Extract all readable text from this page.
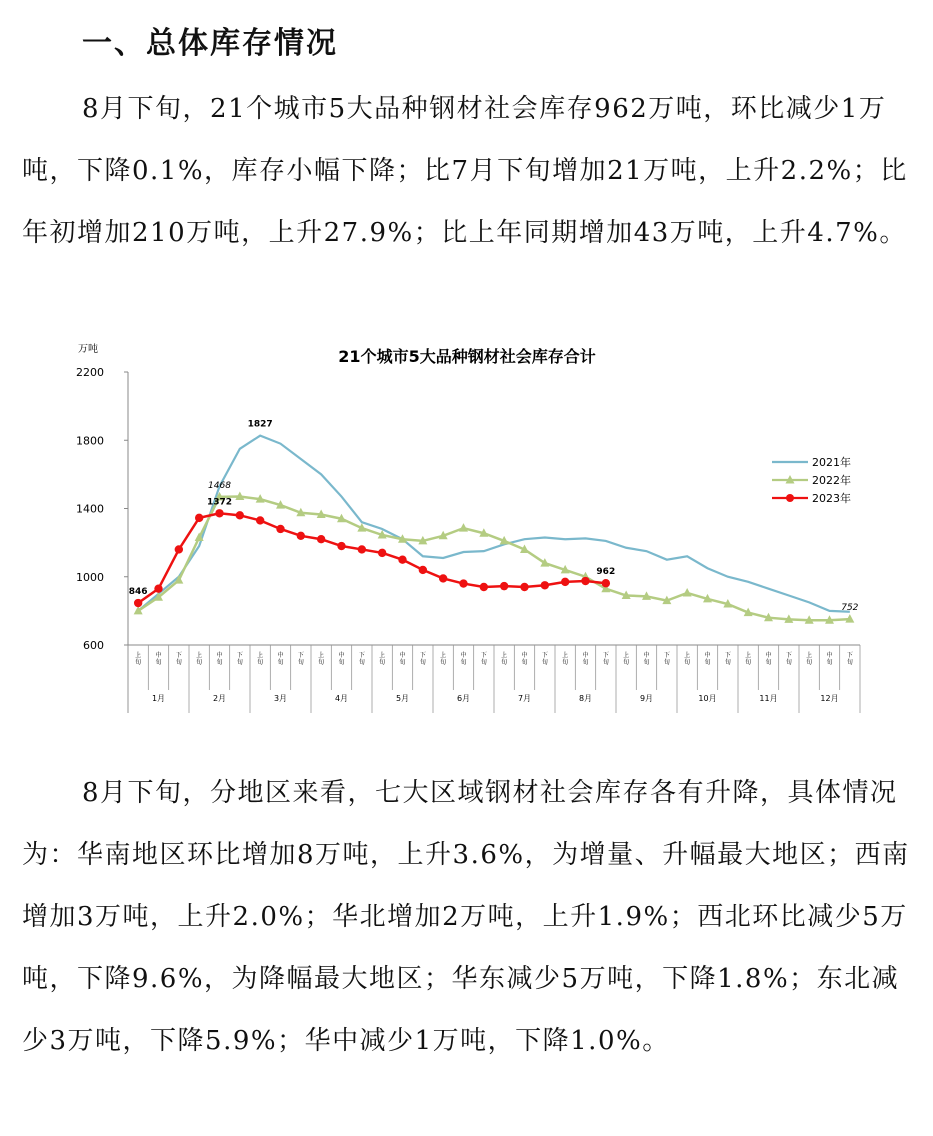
一、总体库存情况

8月下旬，21个城市5大品种钢材社会库存962万吨，环比减少1万吨，下降0.1%，库存小幅下降；比7月下旬增加21万吨，上升2.2%；比年初增加210万吨，上升27.9%；比上年同期增加43万吨，上升4.7%。

21个城市5大品种钢材社会库存合计
万吨
600
1000
1400
1800
2200
上旬
中旬
下旬
上旬
中旬
下旬
上旬
中旬
下旬
上旬
中旬
下旬
上旬
中旬
下旬
上旬
中旬
下旬
上旬
中旬
下旬
上旬
中旬
下旬
上旬
中旬
下旬
上旬
中旬
下旬
上旬
中旬
下旬
上旬
中旬
下旬
1月	2月	3月	4月	5月	6月	7月	8月	9月	10月	11月	12月
846
1372
1468
1827
962
752
2021年
2022年
2023年

8月下旬，分地区来看，七大区域钢材社会库存各有升降，具体情况为：华南地区环比增加8万吨，上升3.6%，为增量、升幅最大地区；西南增加3万吨，上升2.0%；华北增加2万吨，上升1.9%；西北环比减少5万吨，下降9.6%，为降幅最大地区；华东减少5万吨，下降1.8%；东北减少3万吨，下降5.9%；华中减少1万吨，下降1.0%。
